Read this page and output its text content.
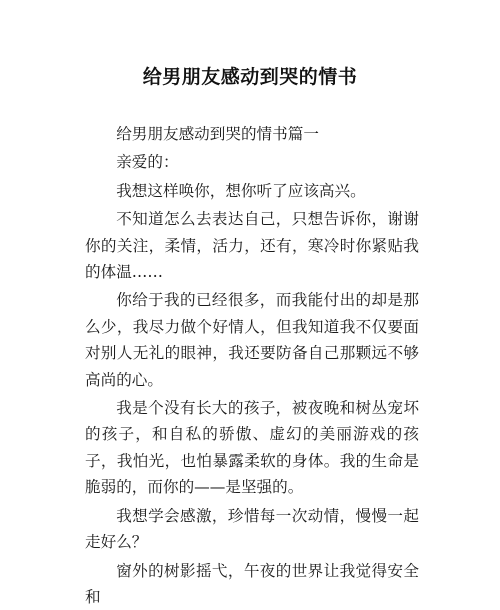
给男朋友感动到哭的情书

给男朋友感动到哭的情书篇一

亲爱的：

我想这样唤你，想你听了应该高兴。

不知道怎么去表达自己，只想告诉你，谢谢你的关注，柔情，活力，还有，寒冷时你紧贴我的体温……

你给于我的已经很多，而我能付出的却是那么少，我尽力做个好情人，但我知道我不仅要面对别人无礼的眼神，我还要防备自己那颗远不够高尚的心。

我是个没有长大的孩子，被夜晚和树丛宠坏的孩子，和自私的骄傲、虚幻的美丽游戏的孩子，我怕光，也怕暴露柔软的身体。我的生命是脆弱的，而你的——是坚强的。

我想学会感激，珍惜每一次动情，慢慢一起走好么？

窗外的树影摇弋，午夜的世界让我觉得安全和
